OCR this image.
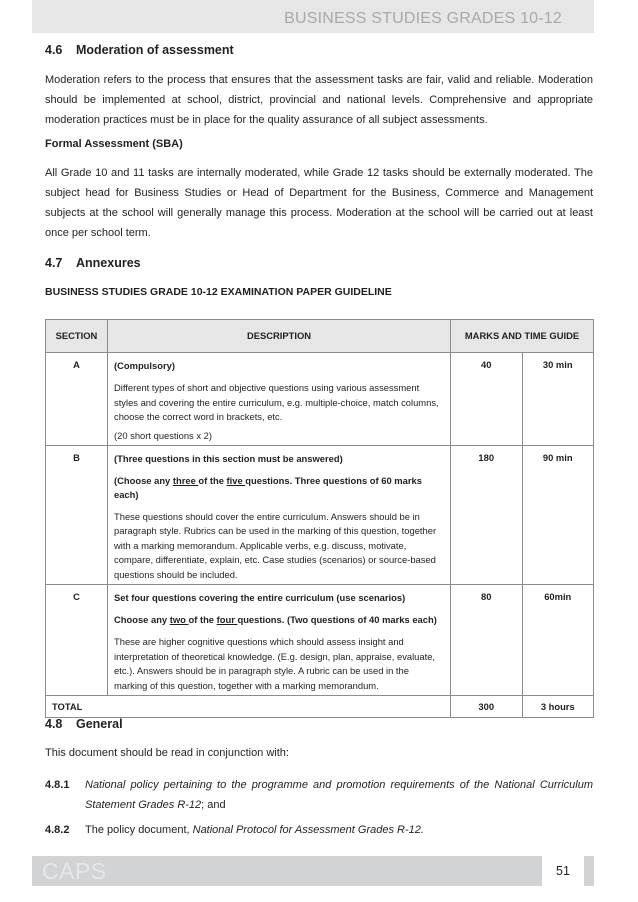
BUSINESS STUDIES GRADES 10-12
4.6 Moderation of assessment
Moderation refers to the process that ensures that the assessment tasks are fair, valid and reliable. Moderation should be implemented at school, district, provincial and national levels. Comprehensive and appropriate moderation practices must be in place for the quality assurance of all subject assessments.
Formal Assessment (SBA)
All Grade 10 and 11 tasks are internally moderated, while Grade 12 tasks should be externally moderated. The subject head for Business Studies or Head of Department for the Business, Commerce and Management subjects at the school will generally manage this process. Moderation at the school will be carried out at least once per school term.
4.7 Annexures
BUSINESS STUDIES GRADE 10-12 EXAMINATION PAPER GUIDELINE
SECTION	DESCRIPTION	MARKS AND TIME GUIDE	
A	(Compulsory)
Different types of short and objective questions using various assessment styles and covering the entire curriculum, e.g. multiple-choice, match columns, choose the correct word in brackets, etc.
(20 short questions x 2)	40	30 min
B	(Three questions in this section must be answered)
(Choose any three of the five questions. Three questions of 60 marks each)
These questions should cover the entire curriculum. Answers should be in paragraph style. Rubrics can be used in the marking of this question, together with a marking memorandum. Applicable verbs, e.g. discuss, motivate, compare, differentiate, explain, etc. Case studies (scenarios) or source-based questions should be included.	180	90 min
C	Set four questions covering the entire curriculum (use scenarios)
Choose any two of the four questions. (Two questions of 40 marks each)
These are higher cognitive questions which should assess insight and interpretation of theoretical knowledge. (E.g. design, plan, appraise, evaluate, etc.). Answers should be in paragraph style. A rubric can be used in the marking of this question, together with a marking memorandum.	80	60min
TOTAL		300	3 hours
4.8 General
This document should be read in conjunction with:
4.8.1 National policy pertaining to the programme and promotion requirements of the National Curriculum Statement Grades R-12; and
4.8.2 The policy document, National Protocol for Assessment Grades R-12.
CAPS	51
